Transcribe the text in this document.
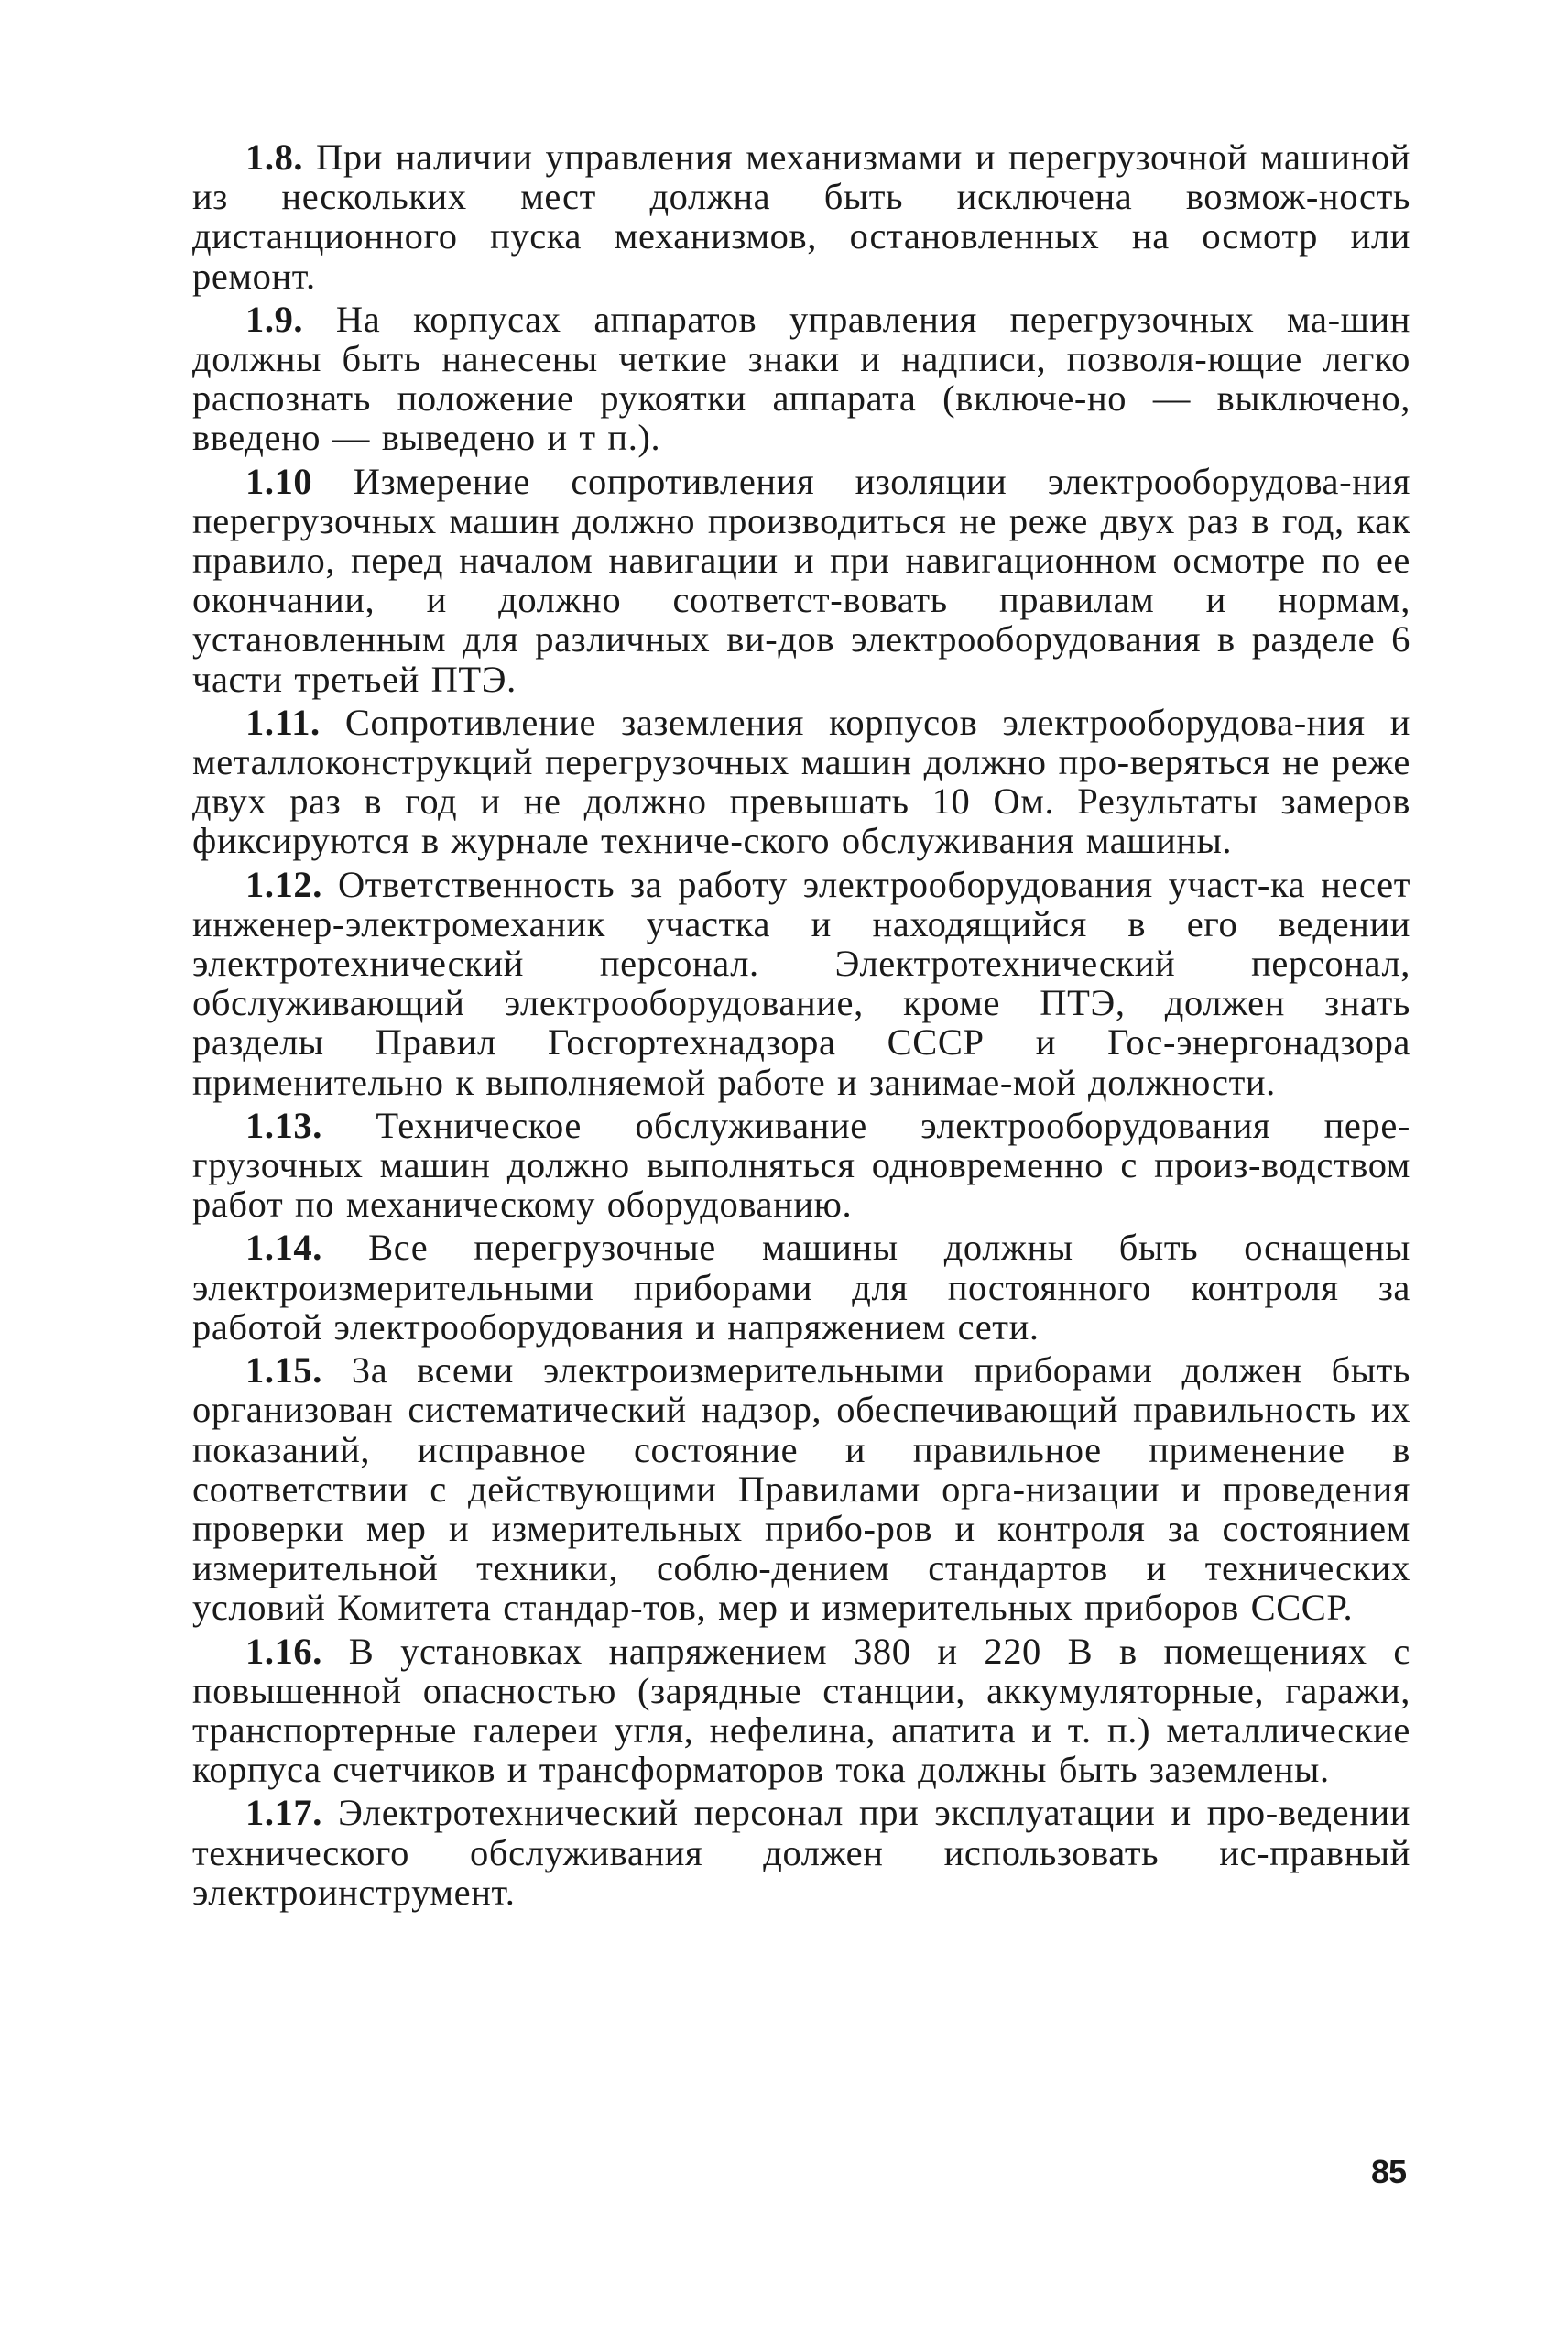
1.8. При наличии управления механизмами и перегрузочной машиной из нескольких мест должна быть исключена возмож-ность дистанционного пуска механизмов, остановленных на осмотр или ремонт.

1.9. На корпусах аппаратов управления перегрузочных ма-шин должны быть нанесены четкие знаки и надписи, позволя-ющие легко распознать положение рукоятки аппарата (включе-но — выключено, введено — выведено и т п.).

1.10 Измерение сопротивления изоляции электрооборудова-ния перегрузочных машин должно производиться не реже двух раз в год, как правило, перед началом навигации и при навигационном осмотре по ее окончании, и должно соответст-вовать правилам и нормам, установленным для различных ви-дов электрооборудования в разделе 6 части третьей ПТЭ.

1.11. Сопротивление заземления корпусов электрооборудова-ния и металлоконструкций перегрузочных машин должно про-веряться не реже двух раз в год и не должно превышать 10 Ом. Результаты замеров фиксируются в журнале техниче-ского обслуживания машины.

1.12. Ответственность за работу электрооборудования участ-ка несет инженер-электромеханик участка и находящийся в его ведении электротехнический персонал. Электротехнический персонал, обслуживающий электрооборудование, кроме ПТЭ, должен знать разделы Правил Госгортехнадзора СССР и Гос-энергонадзора применительно к выполняемой работе и занимае-мой должности.

1.13. Техническое обслуживание электрооборудования пере-грузочных машин должно выполняться одновременно с произ-водством работ по механическому оборудованию.

1.14. Все перегрузочные машины должны быть оснащены электроизмерительными приборами для постоянного контроля за работой электрооборудования и напряжением сети.

1.15. За всеми электроизмерительными приборами должен быть организован систематический надзор, обеспечивающий правильность их показаний, исправное состояние и правильное применение в соответствии с действующими Правилами орга-низации и проведения проверки мер и измерительных прибо-ров и контроля за состоянием измерительной техники, соблю-дением стандартов и технических условий Комитета стандар-тов, мер и измерительных приборов СССР.

1.16. В установках напряжением 380 и 220 В в помещениях с повышенной опасностью (зарядные станции, аккумуляторные, гаражи, транспортерные галереи угля, нефелина, апатита и т. п.) металлические корпуса счетчиков и трансформаторов тока должны быть заземлены.

1.17. Электротехнический персонал при эксплуатации и про-ведении технического обслуживания должен использовать ис-правный электроинструмент.

85
